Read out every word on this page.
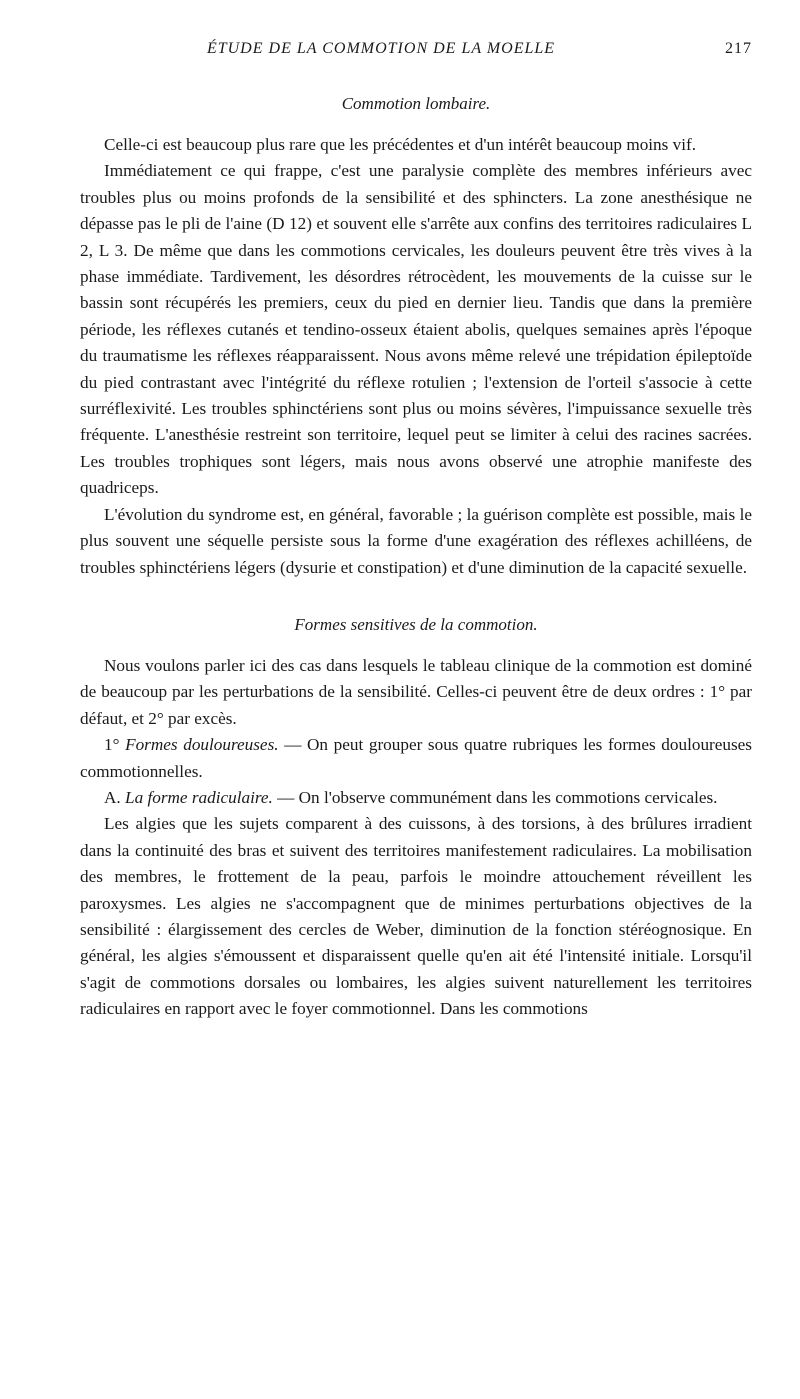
ÉTUDE DE LA COMMOTION DE LA MOELLE	217
Commotion lombaire.

Celle-ci est beaucoup plus rare que les précédentes et d'un intérêt beaucoup moins vif.

Immédiatement ce qui frappe, c'est une paralysie complète des membres inférieurs avec troubles plus ou moins profonds de la sensibilité et des sphincters. La zone anesthésique ne dépasse pas le pli de l'aine (D 12) et souvent elle s'arrête aux confins des territoires radiculaires L 2, L 3. De même que dans les commotions cervicales, les douleurs peuvent être très vives à la phase immédiate. Tardivement, les désordres rétrocèdent, les mouvements de la cuisse sur le bassin sont récupérés les premiers, ceux du pied en dernier lieu. Tandis que dans la première période, les réflexes cutanés et tendino-osseux étaient abolis, quelques semaines après l'époque du traumatisme les réflexes réapparaissent. Nous avons même relevé une trépidation épileptoïde du pied contrastant avec l'intégrité du réflexe rotulien ; l'extension de l'orteil s'associe à cette surréflexivité. Les troubles sphinctériens sont plus ou moins sévères, l'impuissance sexuelle très fréquente. L'anesthésie restreint son territoire, lequel peut se limiter à celui des racines sacrées. Les troubles trophiques sont légers, mais nous avons observé une atrophie manifeste des quadriceps.

L'évolution du syndrome est, en général, favorable ; la guérison complète est possible, mais le plus souvent une séquelle persiste sous la forme d'une exagération des réflexes achilléens, de troubles sphinctériens légers (dysurie et constipation) et d'une diminution de la capacité sexuelle.

Formes sensitives de la commotion.

Nous voulons parler ici des cas dans lesquels le tableau clinique de la commotion est dominé de beaucoup par les perturbations de la sensibilité. Celles-ci peuvent être de deux ordres : 1° par défaut, et 2° par excès.

1° Formes douloureuses. — On peut grouper sous quatre rubriques les formes douloureuses commotionnelles.

A. La forme radiculaire. — On l'observe communément dans les commotions cervicales.

Les algies que les sujets comparent à des cuissons, à des torsions, à des brûlures irradient dans la continuité des bras et suivent des territoires manifestement radiculaires. La mobilisation des membres, le frottement de la peau, parfois le moindre attouchement réveillent les paroxysmes. Les algies ne s'accompagnent que de minimes perturbations objectives de la sensibilité : élargissement des cercles de Weber, diminution de la fonction stéréognosique. En général, les algies s'émoussent et disparaissent quelle qu'en ait été l'intensité initiale. Lorsqu'il s'agit de commotions dorsales ou lombaires, les algies suivent naturellement les territoires radiculaires en rapport avec le foyer commotionnel. Dans les commotions
